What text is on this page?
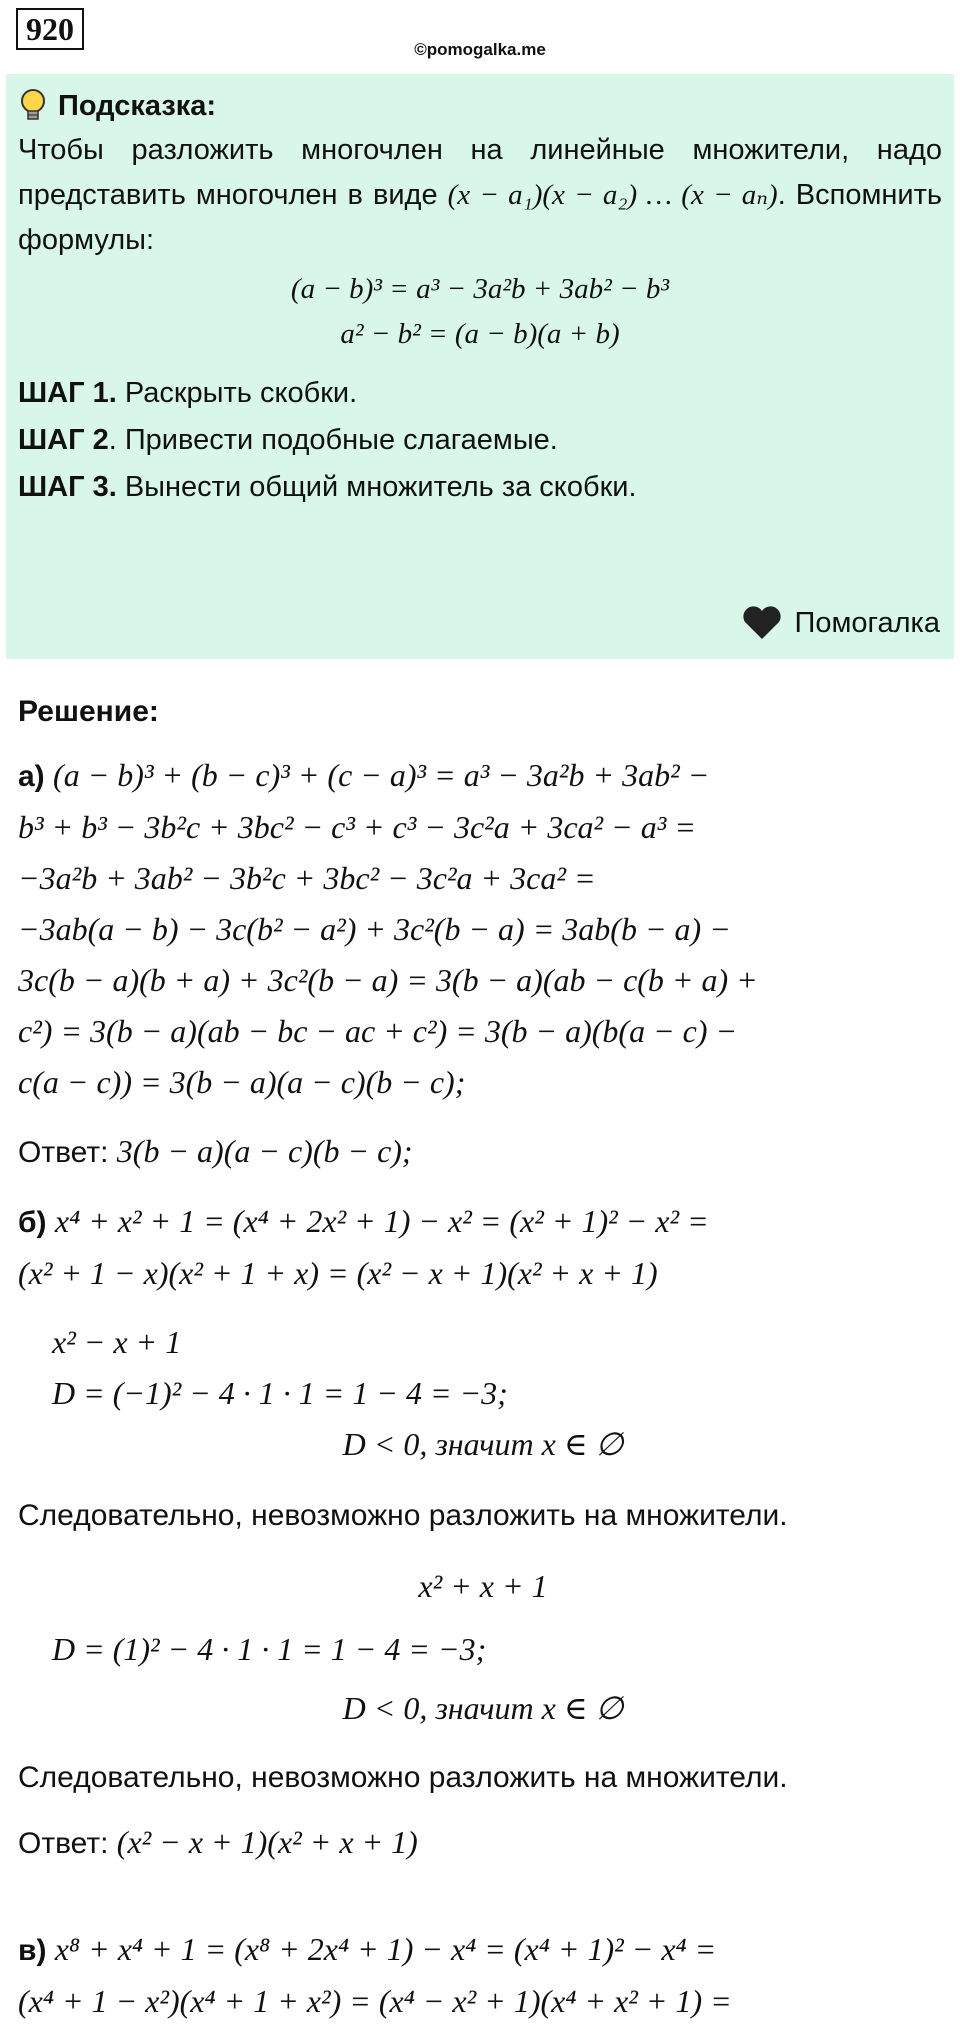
920
©pomogalka.me
Подсказка:
Чтобы разложить многочлен на линейные множители, надо представить многочлен в виде (x − a₁)(x − a₂) … (x − aₙ). Вспомнить формулы:
(a − b)³ = a³ − 3a²b + 3ab² − b³
a² − b² = (a − b)(a + b)
ШАГ 1. Раскрыть скобки.
ШАГ 2. Привести подобные слагаемые.
ШАГ 3. Вынести общий множитель за скобки.
Помогалка
Решение:
а) (a − b)³ + (b − c)³ + (c − a)³ = a³ − 3a²b + 3ab² −
b³ + b³ − 3b²c + 3bc² − c³ + c³ − 3c²a + 3ca² − a³ =
−3a²b + 3ab² − 3b²c + 3bc² − 3c²a + 3ca² =
−3ab(a − b) − 3c(b² − a²) + 3c²(b − a) = 3ab(b − a) −
3c(b − a)(b + a) + 3c²(b − a) = 3(b − a)(ab − c(b + a) +
c²) = 3(b − a)(ab − bc − ac + c²) = 3(b − a)(b(a − c) −
c(a − c)) = 3(b − a)(a − c)(b − c);
Ответ: 3(b − a)(a − c)(b − c);
б) x⁴ + x² + 1 = (x⁴ + 2x² + 1) − x² = (x² + 1)² − x² =
(x² + 1 − x)(x² + 1 + x) = (x² − x + 1)(x² + x + 1)
x² − x + 1
D = (−1)² − 4 · 1 · 1 = 1 − 4 = −3;
D < 0, значит x ∈ ∅
Следовательно, невозможно разложить на множители.
x² + x + 1
D = (1)² − 4 · 1 · 1 = 1 − 4 = −3;
D < 0, значит x ∈ ∅
Следовательно, невозможно разложить на множители.
Ответ: (x² − x + 1)(x² + x + 1)
в) x⁸ + x⁴ + 1 = (x⁸ + 2x⁴ + 1) − x⁴ = (x⁴ + 1)² − x⁴ =
(x⁴ + 1 − x²)(x⁴ + 1 + x²) = (x⁴ − x² + 1)(x⁴ + x² + 1) =
